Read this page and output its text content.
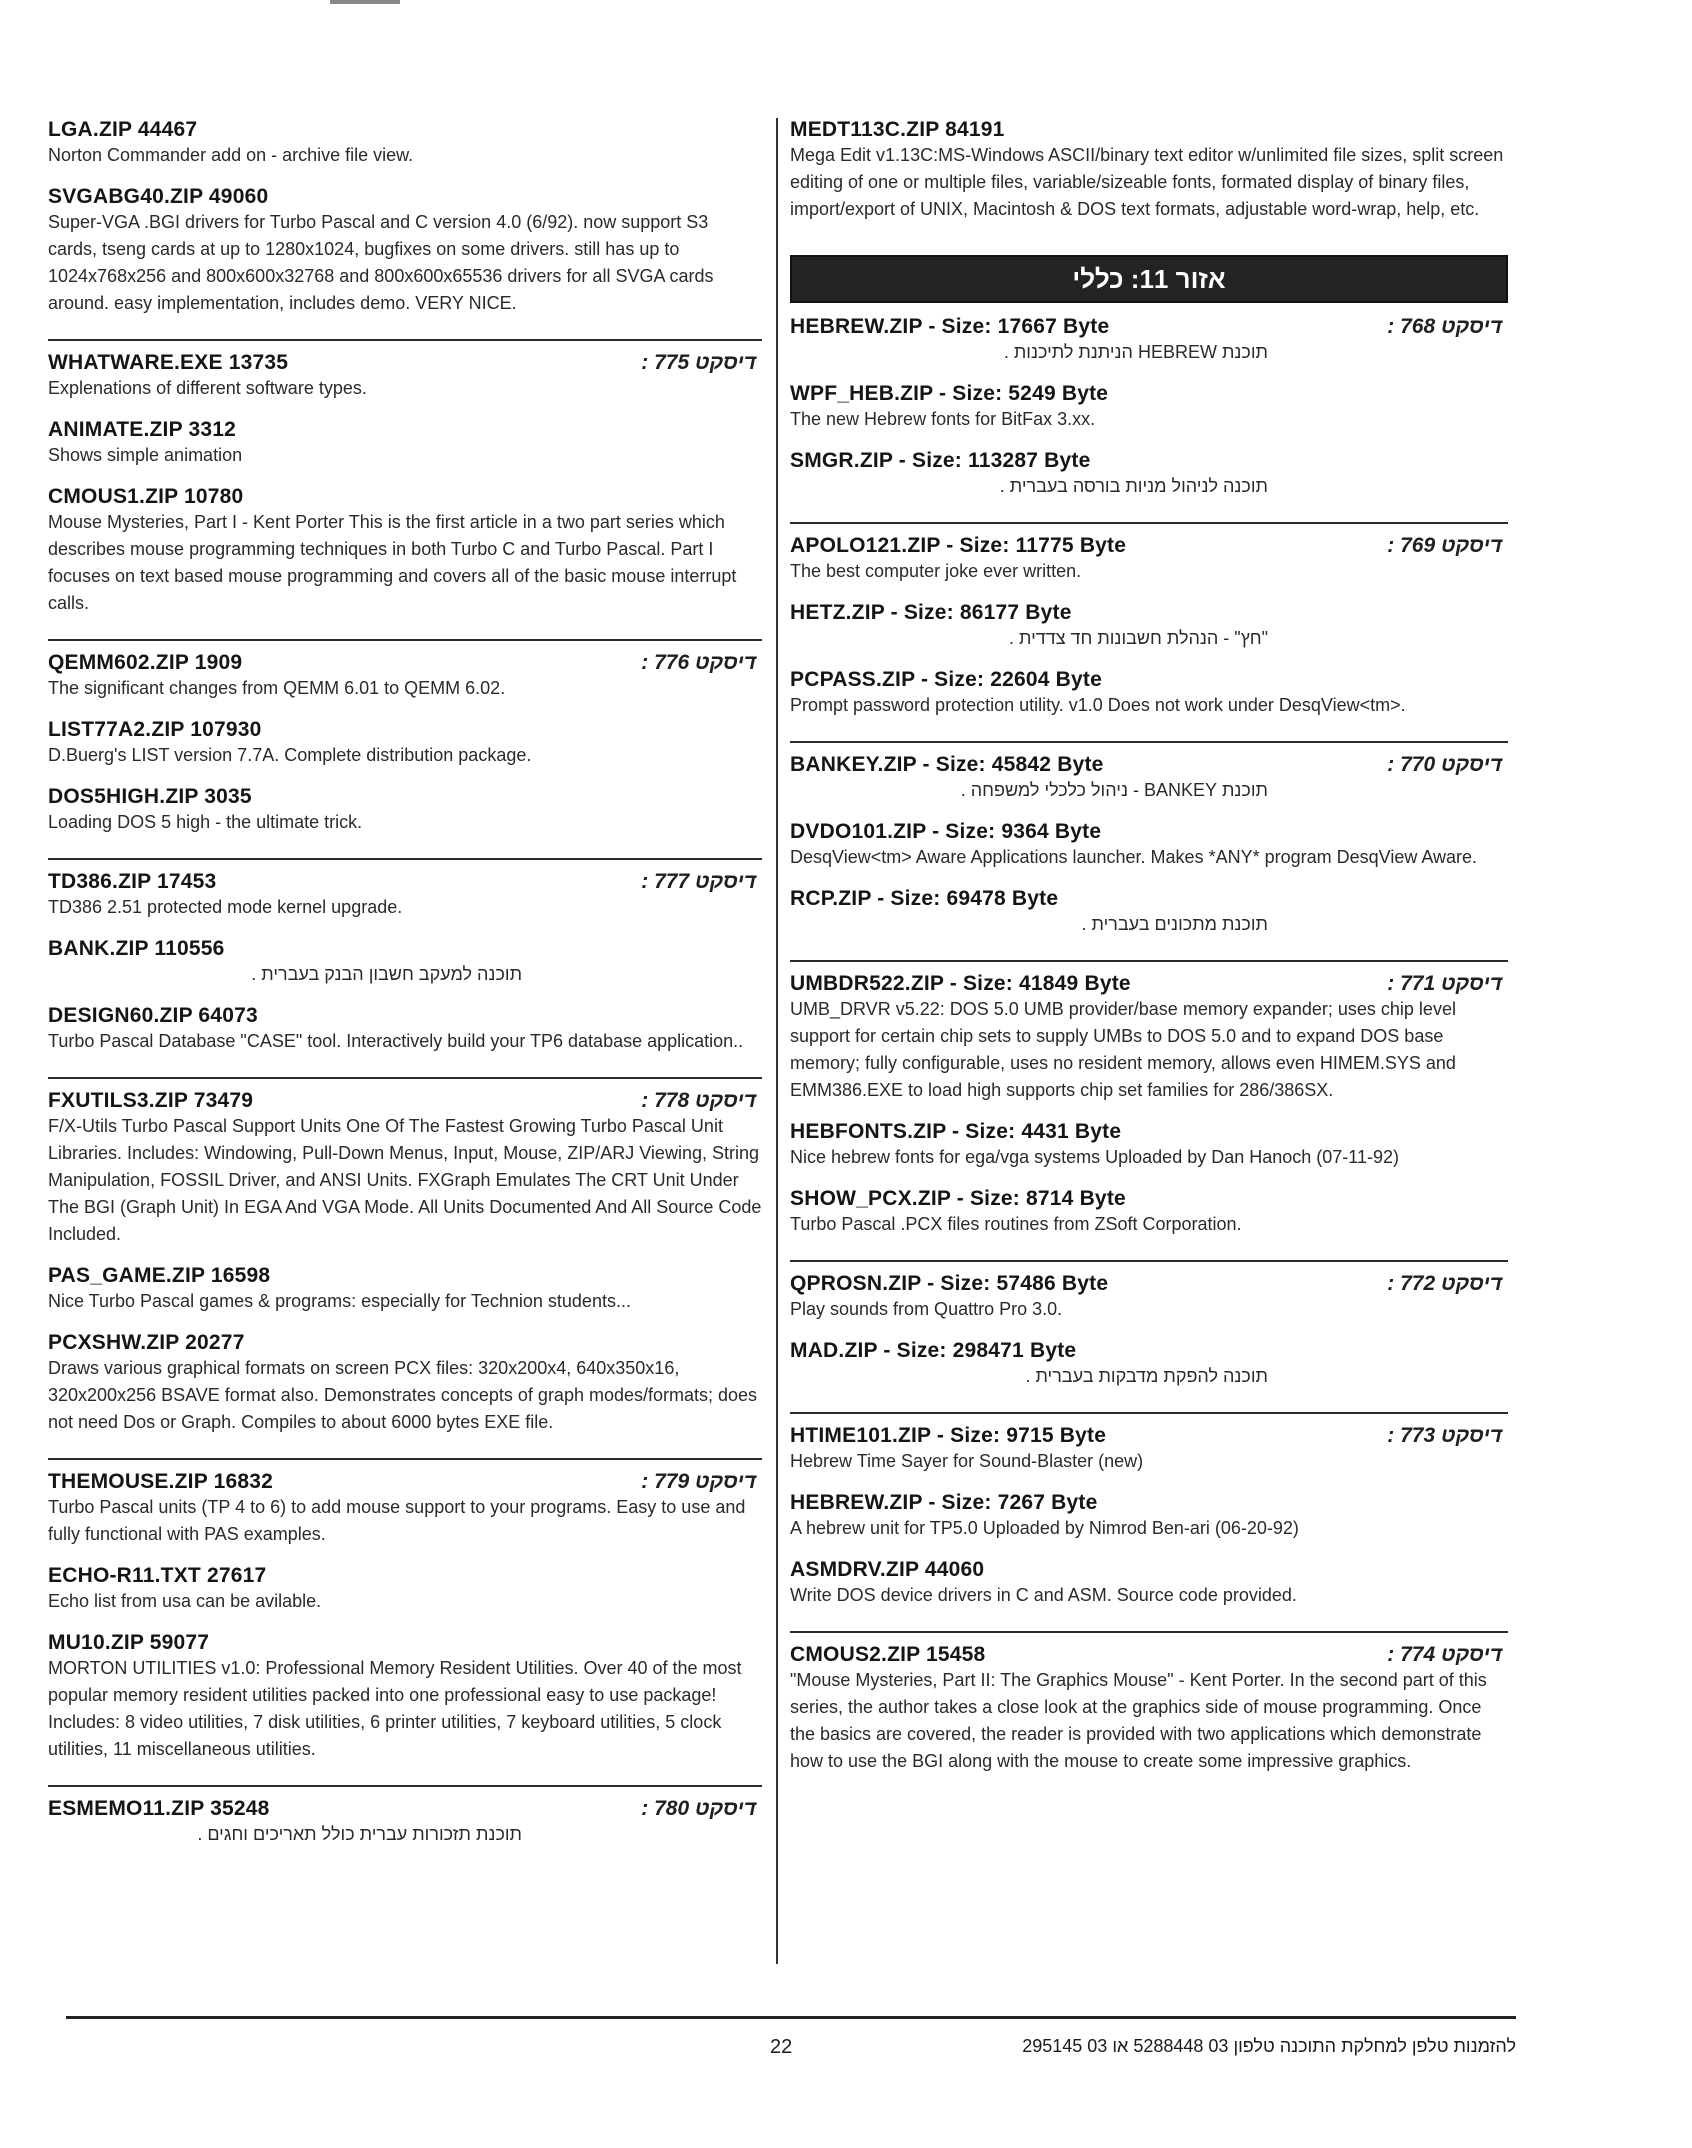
LGA.ZIP 44467
Norton Commander add on - archive file view.
SVGABG40.ZIP 49060
Super-VGA .BGI drivers for Turbo Pascal and C version 4.0 (6/92). now support S3 cards, tseng cards at up to 1280x1024, bugfixes on some drivers. still has up to 1024x768x256 and 800x600x32768 and 800x600x65536 drivers for all SVGA cards around. easy implementation, includes demo. VERY NICE.
WHATWARE.EXE 13735	דיסקט 775 :
Explenations of different software types.
ANIMATE.ZIP 3312
Shows simple animation
CMOUS1.ZIP 10780
Mouse Mysteries, Part I - Kent Porter This is the first article in a two part series which describes mouse programming techniques in both Turbo C and Turbo Pascal. Part I focuses on text based mouse programming and covers all of the basic mouse interrupt calls.
QEMM602.ZIP 1909	דיסקט 776 :
The significant changes from QEMM 6.01 to QEMM 6.02.
LIST77A2.ZIP 107930
D.Buerg's LIST version 7.7A. Complete distribution package.
DOS5HIGH.ZIP 3035
Loading DOS 5 high - the ultimate trick.
TD386.ZIP 17453	דיסקט 777 :
TD386 2.51 protected mode kernel upgrade.
BANK.ZIP 110556
תוכנה למעקב חשבון הבנק בעברית .
DESIGN60.ZIP 64073
Turbo Pascal Database "CASE" tool. Interactively build your TP6 database application..
FXUTILS3.ZIP 73479	דיסקט 778 :
F/X-Utils Turbo Pascal Support Units One Of The Fastest Growing Turbo Pascal Unit Libraries. Includes: Windowing, Pull-Down Menus, Input, Mouse, ZIP/ARJ Viewing, String Manipulation, FOSSIL Driver, and ANSI Units. FXGraph Emulates The CRT Unit Under The BGI (Graph Unit) In EGA And VGA Mode. All Units Documented And All Source Code Included.
PAS_GAME.ZIP 16598
Nice Turbo Pascal games & programs: especially for Technion students...
PCXSHW.ZIP 20277
Draws various graphical formats on screen PCX files: 320x200x4, 640x350x16, 320x200x256 BSAVE format also. Demonstrates concepts of graph modes/formats; does not need Dos or Graph. Compiles to about 6000 bytes EXE file.
THEMOUSE.ZIP 16832	דיסקט 779 :
Turbo Pascal units (TP 4 to 6) to add mouse support to your programs. Easy to use and fully functional with PAS examples.
ECHO-R11.TXT 27617
Echo list from usa can be avilable.
MU10.ZIP 59077
MORTON UTILITIES v1.0: Professional Memory Resident Utilities. Over 40 of the most popular memory resident utilities packed into one professional easy to use package! Includes: 8 video utilities, 7 disk utilities, 6 printer utilities, 7 keyboard utilities, 5 clock utilities, 11 miscellaneous utilities.
ESMEMO11.ZIP 35248	דיסקט 780 :
תוכנת תזכורות עברית כולל תאריכים וחגים .
MEDT113C.ZIP 84191
Mega Edit v1.13C:MS-Windows ASCII/binary text editor w/unlimited file sizes, split screen editing of one or multiple files, variable/sizeable fonts, formated display of binary files, import/export of UNIX, Macintosh & DOS text formats, adjustable word-wrap, help, etc.
אזור 11: כללי
HEBREW.ZIP - Size: 17667 Byte	דיסקט 768 :
תוכנת HEBREW הניתנת לתיכנות .
WPF_HEB.ZIP - Size: 5249 Byte
The new Hebrew fonts for BitFax 3.xx.
SMGR.ZIP - Size: 113287 Byte
תוכנה לניהול מניות בורסה בעברית .
APOLO121.ZIP - Size: 11775 Byte	דיסקט 769 :
The best computer joke ever written.
HETZ.ZIP - Size: 86177 Byte
"חץ" - הנהלת חשבונות חד צדדית .
PCPASS.ZIP - Size: 22604 Byte
Prompt password protection utility. v1.0 Does not work under DesqView<tm>.
BANKEY.ZIP - Size: 45842 Byte	דיסקט 770 :
תוכנת BANKEY - ניהול כלכלי למשפחה .
DVDO101.ZIP - Size: 9364 Byte
DesqView<tm> Aware Applications launcher. Makes *ANY* program DesqView Aware.
RCP.ZIP - Size: 69478 Byte
תוכנת מתכונים בעברית .
UMBDR522.ZIP - Size: 41849 Byte	דיסקט 771 :
UMB_DRVR v5.22: DOS 5.0 UMB provider/base memory expander; uses chip level support for certain chip sets to supply UMBs to DOS 5.0 and to expand DOS base memory; fully configurable, uses no resident memory, allows even HIMEM.SYS and EMM386.EXE to load high supports chip set families for 286/386SX.
HEBFONTS.ZIP - Size: 4431 Byte
Nice hebrew fonts for ega/vga systems Uploaded by Dan Hanoch (07-11-92)
SHOW_PCX.ZIP - Size: 8714 Byte
Turbo Pascal .PCX files routines from ZSoft Corporation.
QPROSN.ZIP - Size: 57486 Byte	דיסקט 772 :
Play sounds from Quattro Pro 3.0.
MAD.ZIP - Size: 298471 Byte
תוכנה להפקת מדבקות בעברית .
HTIME101.ZIP - Size: 9715 Byte	דיסקט 773 :
Hebrew Time Sayer for Sound-Blaster (new)
HEBREW.ZIP - Size: 7267 Byte
A hebrew unit for TP5.0 Uploaded by Nimrod Ben-ari (06-20-92)
ASMDRV.ZIP 44060
Write DOS device drivers in C and ASM. Source code provided.
CMOUS2.ZIP 15458	דיסקט 774 :
"Mouse Mysteries, Part II: The Graphics Mouse" - Kent Porter. In the second part of this series, the author takes a close look at the graphics side of mouse programming. Once the basics are covered, the reader is provided with two applications which demonstrate how to use the BGI along with the mouse to create some impressive graphics.
22	להזמנות טלפן למחלקת התוכנה טלפון 03 5288448 או 03 295145
